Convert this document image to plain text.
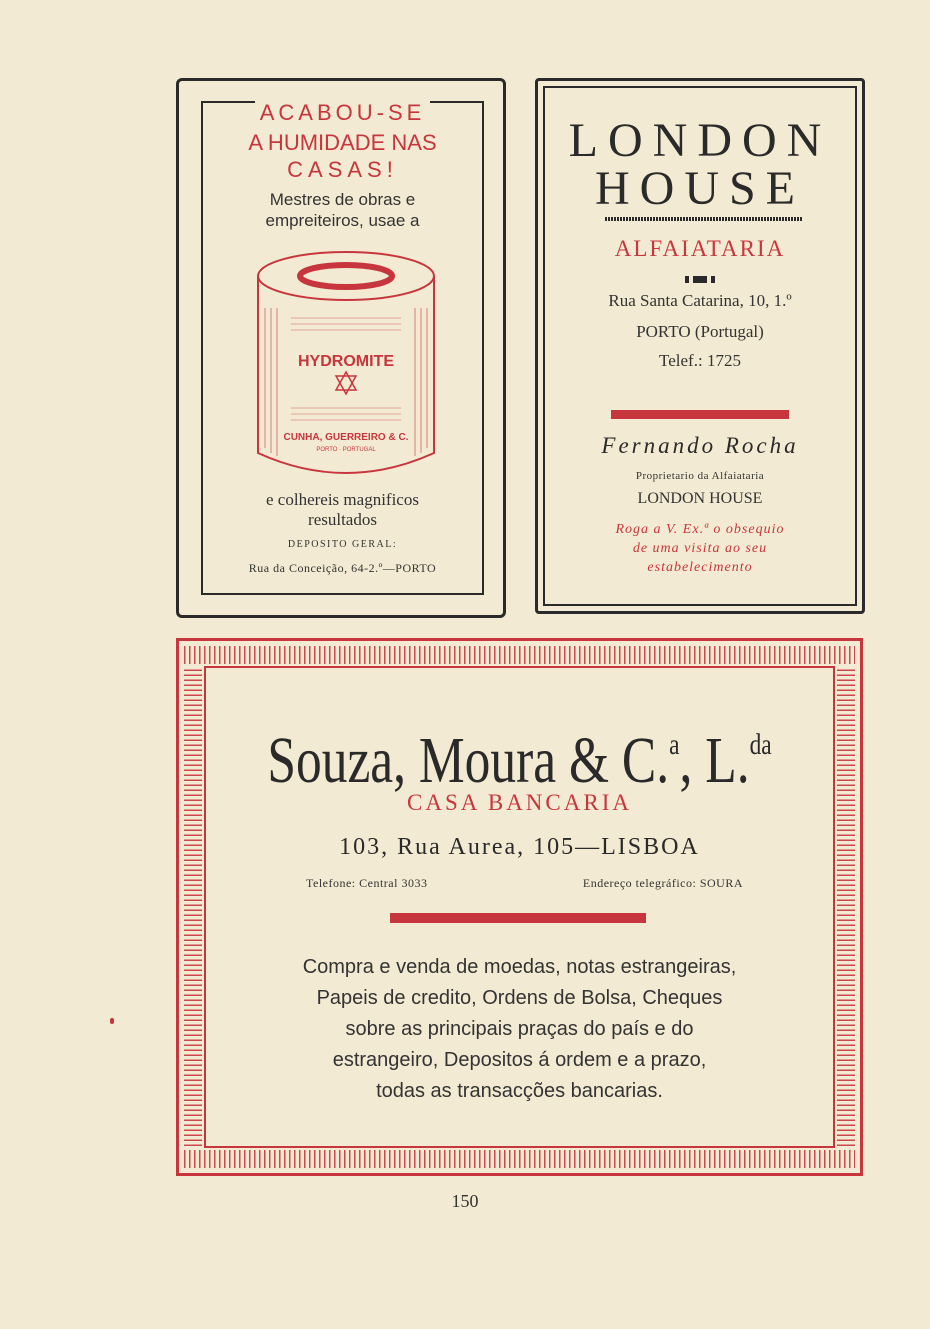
ACABOU-SE
A HUMIDADE NAS
CASAS!
Mestres de obras e
empreiteiros, usae a
HYDROMITE
CUNHA, GUERREIRO & C.
PORTO · PORTUGAL
e colhereis magnificos
resultados
DEPOSITO GERAL:
Rua da Conceição, 64-2.º—PORTO
LONDON
HOUSE
ALFAIATARIA
Rua Santa Catarina, 10, 1.º
PORTO (Portugal)
Telef.: 1725
Fernando Rocha
Proprietario da Alfaiataria
LONDON HOUSE
Roga a V. Ex.ª o obsequio
de uma visita ao seu
estabelecimento
Souza, Moura & C.$^a$, L.$^{da}$
CASA BANCARIA
103, Rua Aurea, 105—LISBOA
Telefone: Central 3033	Endereço telegráfico: SOURA
Compra e venda de moedas, notas estrangeiras,
Papeis de credito, Ordens de Bolsa, Cheques
sobre as principais praças do país e do
estrangeiro, Depositos á ordem e a prazo,
todas as transacções bancarias.
150
